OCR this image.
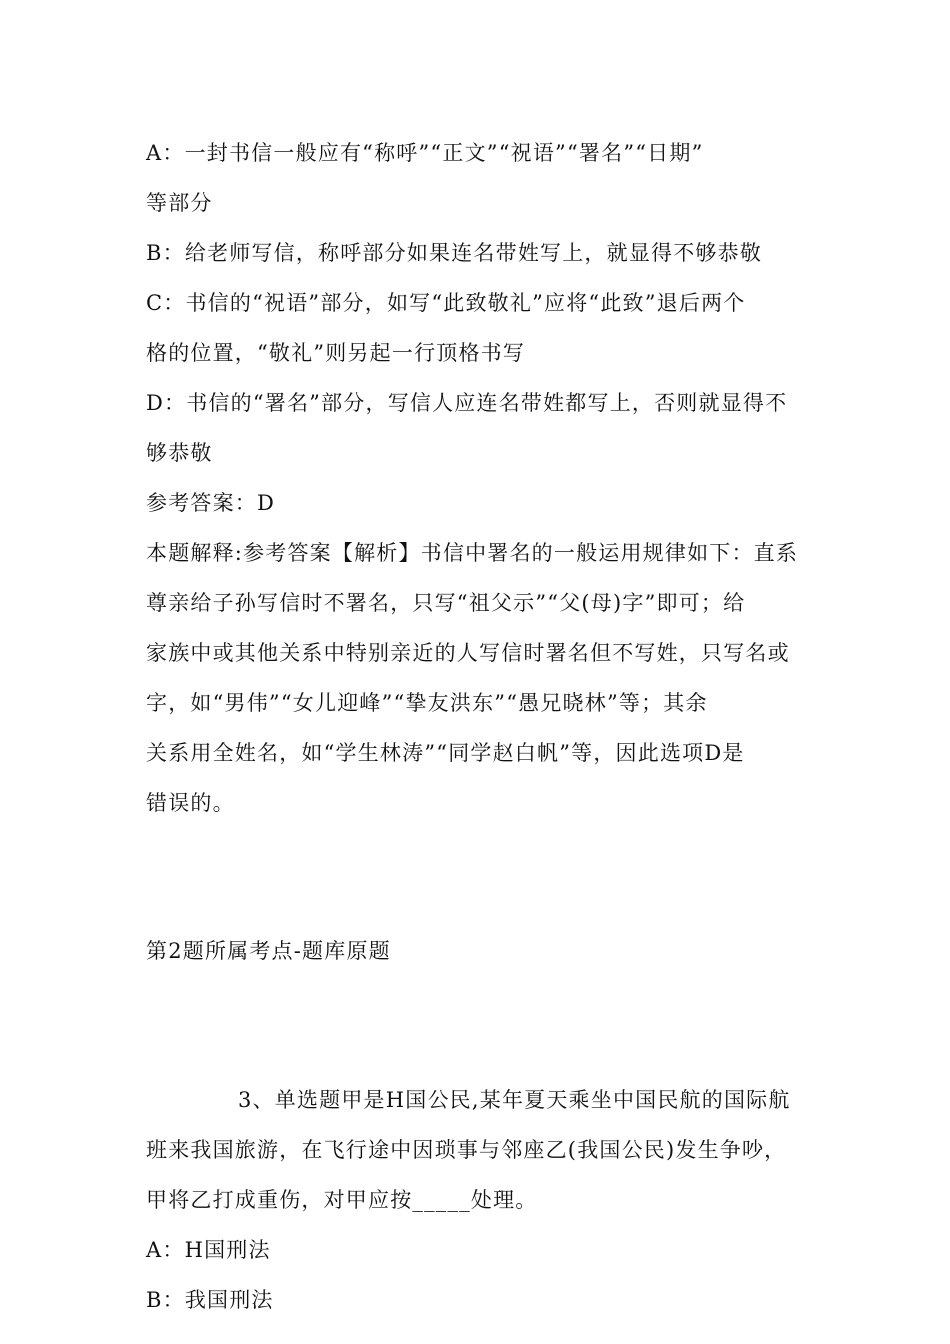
A：一封书信一般应有“称呼”“正文”“祝语”“署名”“日期”
等部分
B：给老师写信，称呼部分如果连名带姓写上，就显得不够恭敬
C：书信的“祝语”部分，如写“此致敬礼”应将“此致”退后两个
格的位置，“敬礼”则另起一行顶格书写
D：书信的“署名”部分，写信人应连名带姓都写上，否则就显得不
够恭敬
参考答案：D
本题解释:参考答案【解析】书信中署名的一般运用规律如下：直系
尊亲给子孙写信时不署名，只写“祖父示”“父(母)字”即可；给
家族中或其他关系中特别亲近的人写信时署名但不写姓，只写名或
字，如“男伟”“女儿迎峰”“挚友洪东”“愚兄晓林”等；其余
关系用全姓名，如“学生林涛”“同学赵白帆”等，因此选项D是
错误的。
第2题所属考点-题库原题
3、单选题甲是H国公民,某年夏天乘坐中国民航的国际航
班来我国旅游，在飞行途中因琐事与邻座乙(我国公民)发生争吵，
甲将乙打成重伤，对甲应按_____处理。
A：H国刑法
B：我国刑法
